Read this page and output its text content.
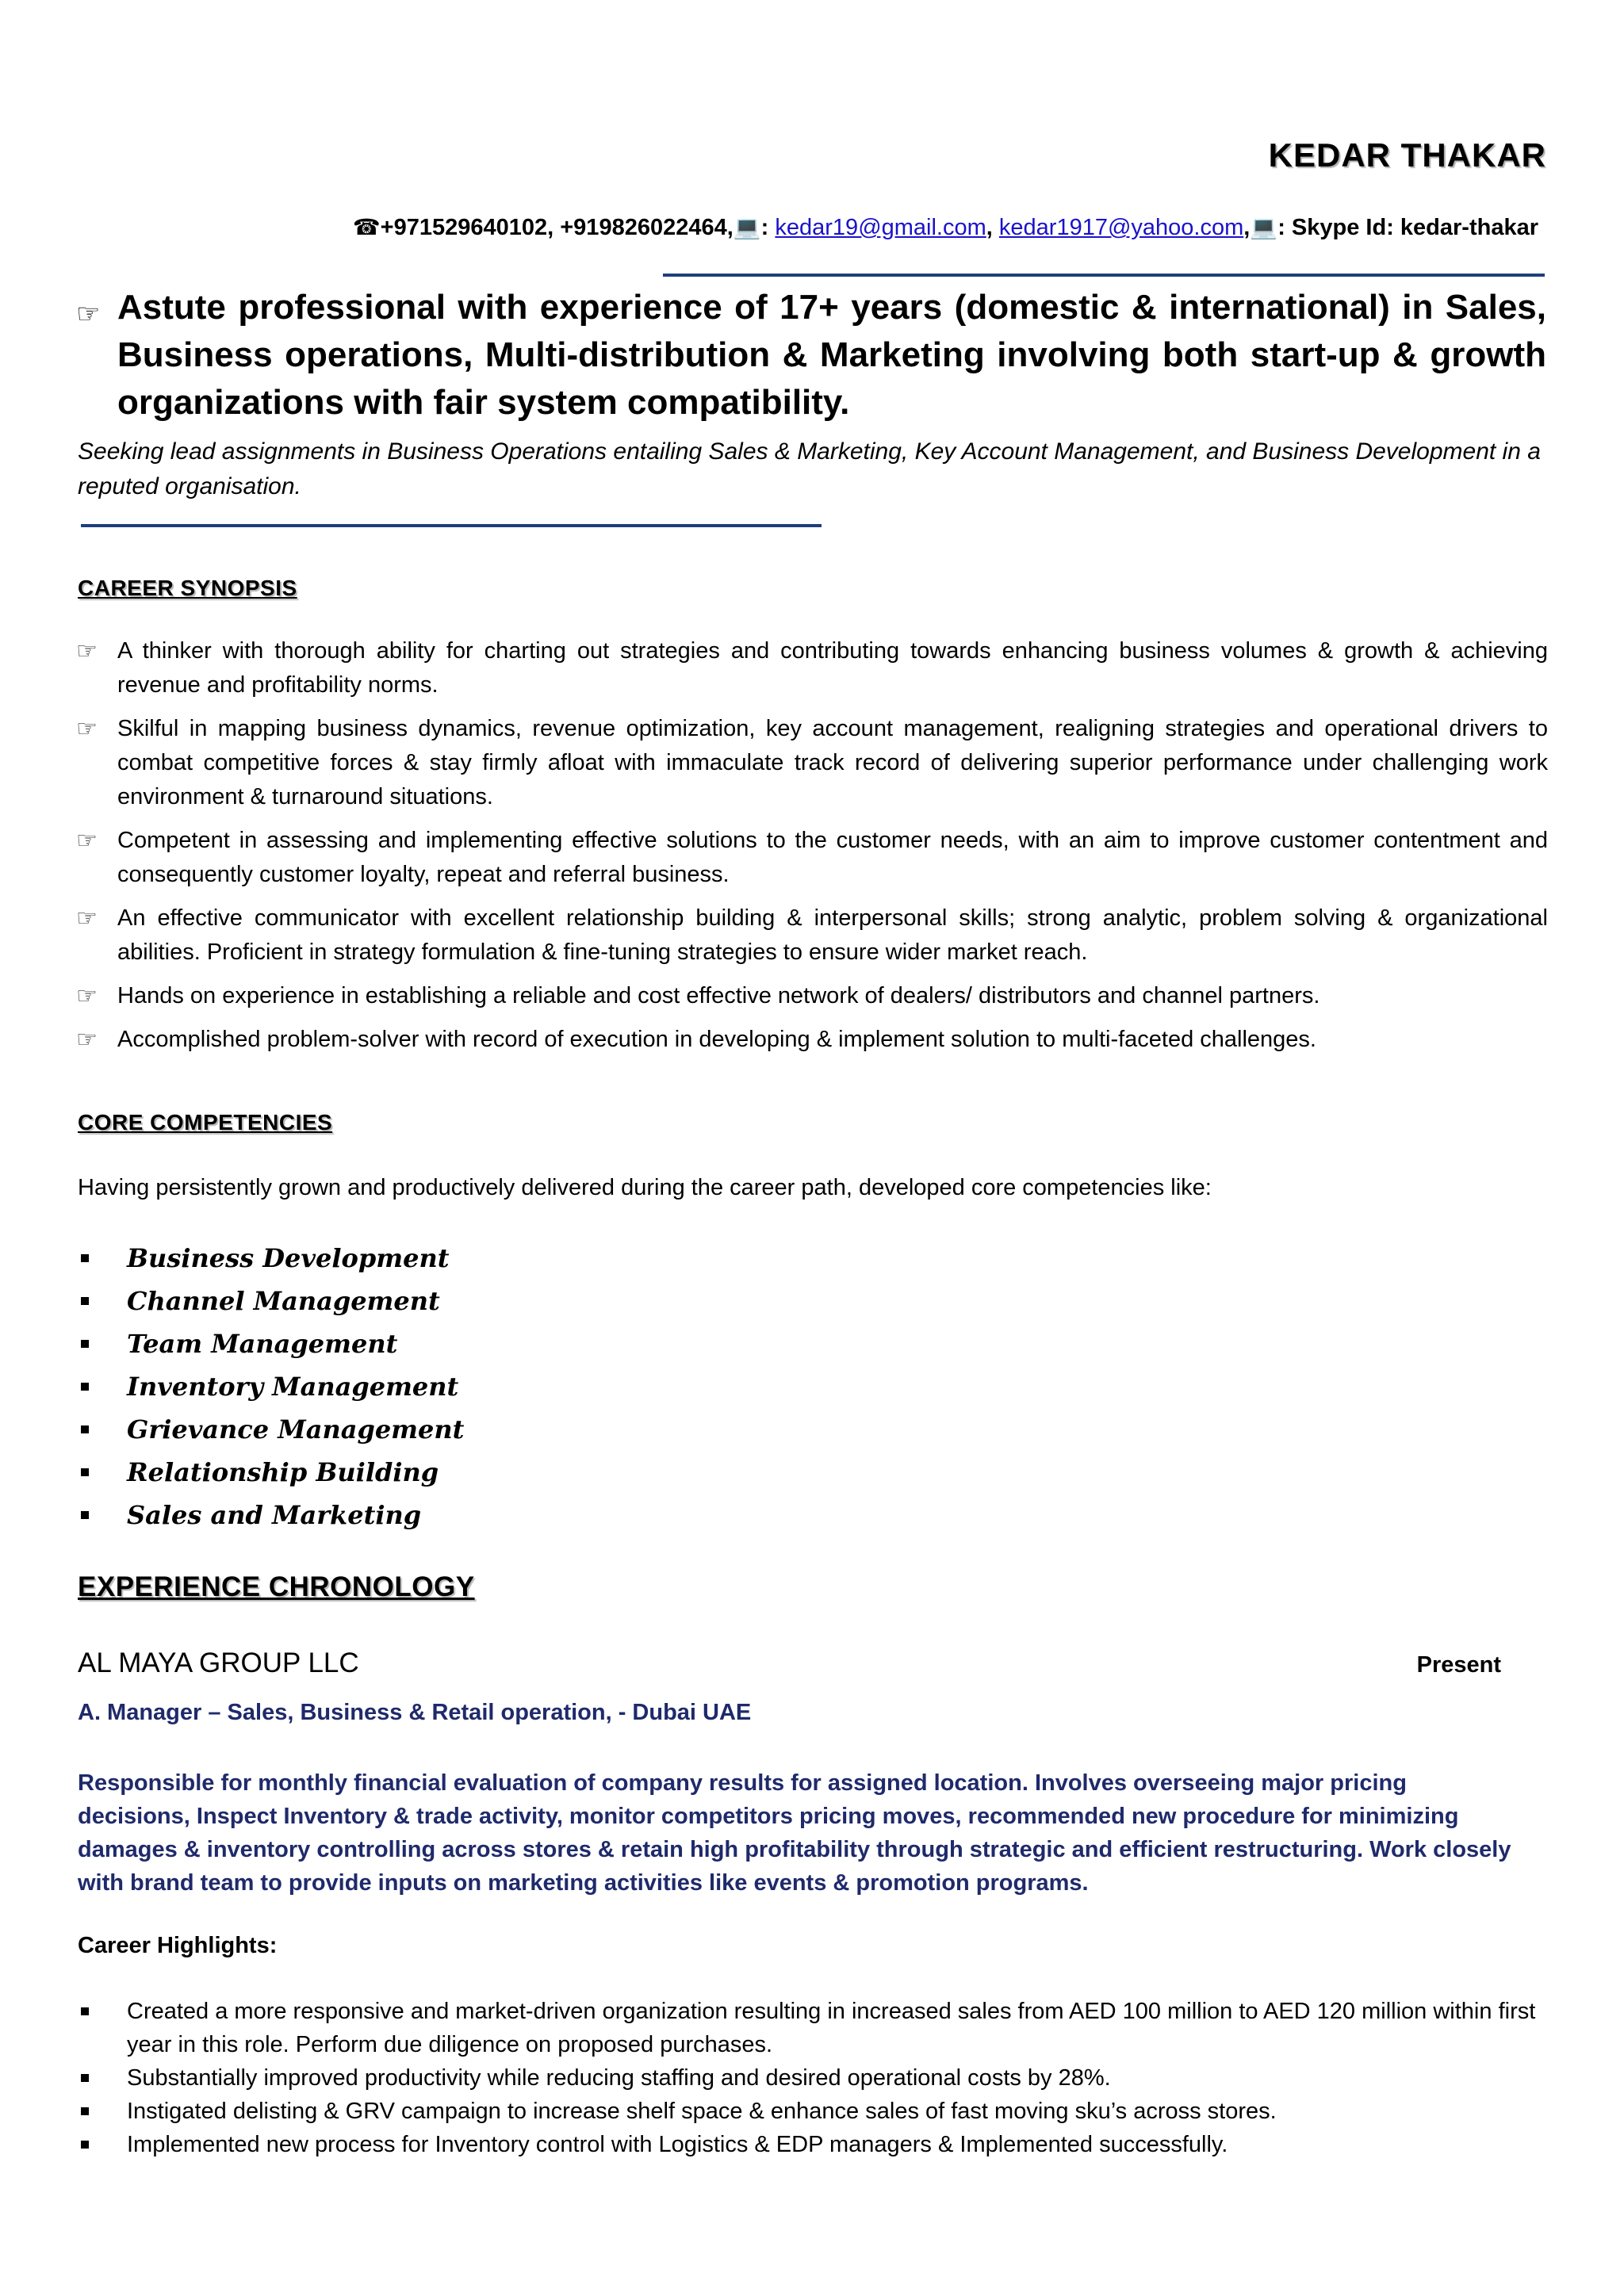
KEDAR THAKAR
☎+971529640102, +919826022464,💻: kedar19@gmail.com, kedar1917@yahoo.com,💻: Skype Id: kedar-thakar
☞ Astute professional with experience of 17+ years (domestic & international) in Sales, Business operations, Multi-distribution & Marketing involving both start-up & growth organizations with fair system compatibility.
Seeking lead assignments in Business Operations entailing Sales & Marketing, Key Account Management, and Business Development in a reputed organisation.
CAREER SYNOPSIS
☞ A thinker with thorough ability for charting out strategies and contributing towards enhancing business volumes & growth & achieving revenue and profitability norms.
☞ Skilful in mapping business dynamics, revenue optimization, key account management, realigning strategies and operational drivers to combat competitive forces & stay firmly afloat with immaculate track record of delivering superior performance under challenging work environment & turnaround situations.
☞ Competent in assessing and implementing effective solutions to the customer needs, with an aim to improve customer contentment and consequently customer loyalty, repeat and referral business.
☞ An effective communicator with excellent relationship building & interpersonal skills; strong analytic, problem solving & organizational abilities. Proficient in strategy formulation & fine-tuning strategies to ensure wider market reach.
☞ Hands on experience in establishing a reliable and cost effective network of dealers/ distributors and channel partners.
☞ Accomplished problem-solver with record of execution in developing & implement solution to multi-faceted challenges.
CORE COMPETENCIES
Having persistently grown and productively delivered during the career path, developed core competencies like:
Business Development
Channel Management
Team Management
Inventory Management
Grievance Management
Relationship Building
Sales and Marketing
EXPERIENCE CHRONOLOGY
AL MAYA GROUP LLC	Present
A. Manager – Sales, Business & Retail operation, - Dubai UAE
Responsible for monthly financial evaluation of company results for assigned location. Involves overseeing major pricing decisions, Inspect Inventory & trade activity, monitor competitors pricing moves, recommended new procedure for minimizing damages & inventory controlling across stores & retain high profitability through strategic and efficient restructuring. Work closely with brand team to provide inputs on marketing activities like events & promotion programs.
Career Highlights:
Created a more responsive and market-driven organization resulting in increased sales from AED 100 million to AED 120 million within first year in this role. Perform due diligence on proposed purchases.
Substantially improved productivity while reducing staffing and desired operational costs by 28%.
Instigated delisting & GRV campaign to increase shelf space & enhance sales of fast moving sku’s across stores.
Implemented new process for Inventory control with Logistics & EDP managers & Implemented successfully.
